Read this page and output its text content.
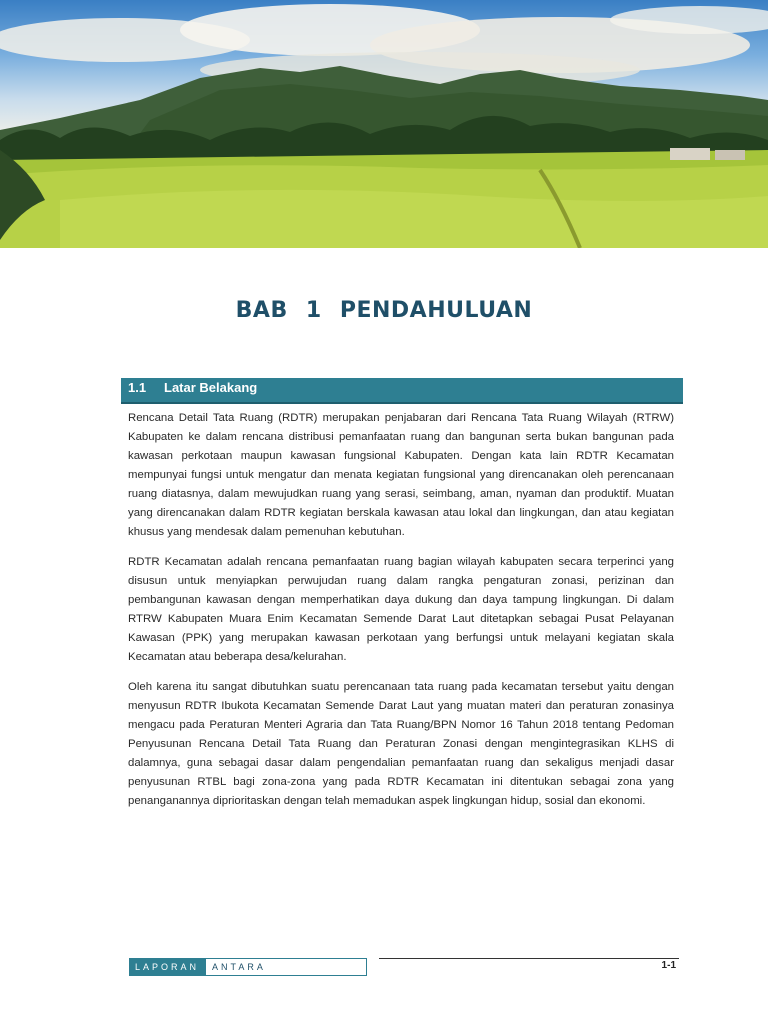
BAB 1 PENDAHULUAN
1.1 Latar Belakang

Rencana Detail Tata Ruang (RDTR) merupakan penjabaran dari Rencana Tata Ruang Wilayah (RTRW) Kabupaten ke dalam rencana distribusi pemanfaatan ruang dan bangunan serta bukan bangunan pada kawasan perkotaan maupun kawasan fungsional Kabupaten. Dengan kata lain RDTR Kecamatan mempunyai fungsi untuk mengatur dan menata kegiatan fungsional yang direncanakan oleh perencanaan ruang diatasnya, dalam mewujudkan ruang yang serasi, seimbang, aman, nyaman dan produktif. Muatan yang direncanakan dalam RDTR kegiatan berskala kawasan atau lokal dan lingkungan, dan atau kegiatan khusus yang mendesak dalam pemenuhan kebutuhan.

RDTR Kecamatan adalah rencana pemanfaatan ruang bagian wilayah kabupaten secara terperinci yang disusun untuk menyiapkan perwujudan ruang dalam rangka pengaturan zonasi, perizinan dan pembangunan kawasan dengan memperhatikan daya dukung dan daya tampung lingkungan. Di dalam RTRW Kabupaten Muara Enim Kecamatan Semende Darat Laut ditetapkan sebagai Pusat Pelayanan Kawasan (PPK) yang merupakan kawasan perkotaan yang berfungsi untuk melayani kegiatan skala Kecamatan atau beberapa desa/kelurahan.

Oleh karena itu sangat dibutuhkan suatu perencanaan tata ruang pada kecamatan tersebut yaitu dengan menyusun RDTR Ibukota Kecamatan Semende Darat Laut yang muatan materi dan peraturan zonasinya mengacu pada Peraturan Menteri Agraria dan Tata Ruang/BPN Nomor 16 Tahun 2018 tentang Pedoman Penyusunan Rencana Detail Tata Ruang dan Peraturan Zonasi dengan mengintegrasikan KLHS di dalamnya, guna sebagai dasar dalam pengendalian pemanfaatan ruang dan sekaligus menjadi dasar penyusunan RTBL bagi zona-zona yang pada RDTR Kecamatan ini ditentukan sebagai zona yang penanganannya diprioritaskan dengan telah memadukan aspek lingkungan hidup, sosial dan ekonomi.

LAPORAN	ANTARA	1-1
